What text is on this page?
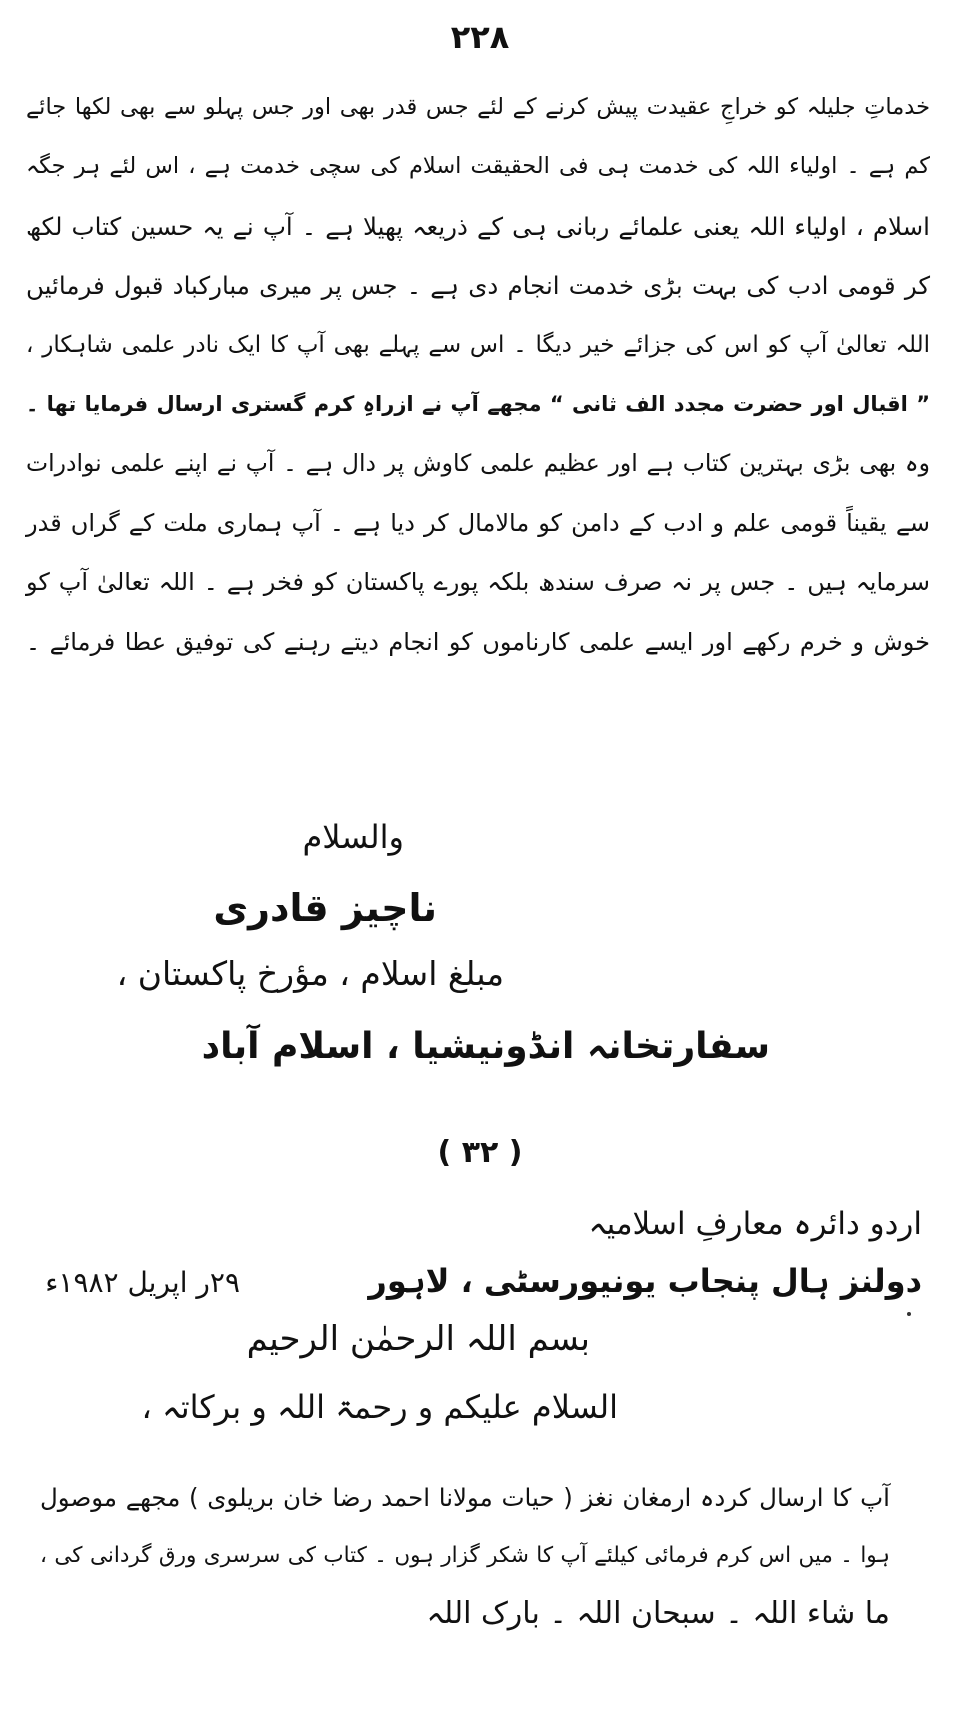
۲۲۸
خدماتِ جلیلہ کو خراجِ عقیدت پیش کرنے کے لئے جس قدر بھی اور جس پہلو سے بھی لکھا جائے
کم ہے ۔ اولیاء اللہ کی خدمت ہی فی الحقیقت اسلام کی سچی خدمت ہے ، اس لئے ہر جگہ
اسلام ، اولیاء اللہ یعنی علمائے ربانی ہی کے ذریعہ پھیلا ہے ۔ آپ نے یہ حسین کتاب لکھ
کر قومی ادب کی بہت بڑی خدمت انجام دی ہے ۔ جس پر میری مبارکباد قبول فرمائیں
اللہ تعالیٰ آپ کو اس کی جزائے خیر دیگا ۔ اس سے پہلے بھی آپ کا ایک نادر علمی شاہکار ،
” اقبال اور حضرت مجدد الف ثانی “ مجھے آپ نے ازراہِ کرم گستری ارسال فرمایا تھا ۔
وہ بھی بڑی بہترین کتاب ہے اور عظیم علمی کاوش پر دال ہے ۔ آپ نے اپنے علمی نوادرات
سے یقیناً قومی علم و ادب کے دامن کو مالامال کر دیا ہے ۔ آپ ہماری ملت کے گراں قدر
سرمایہ ہیں ۔ جس پر نہ صرف سندھ بلکہ پورے پاکستان کو فخر ہے ۔ اللہ تعالیٰ آپ کو
خوش و خرم رکھے اور ایسے علمی کارناموں کو انجام دیتے رہنے کی توفیق عطا فرمائے ۔
والسلام
ناچیز قادری
مبلغ اسلام ، مؤرخ پاکستان ،
سفارتخانہ انڈونیشیا ، اسلام آباد
( ۳۲ )
اردو دائرہ معارفِ اسلامیہ
دولنز ہال پنجاب یونیورسٹی ، لاہور
۲۹ر اپریل ۱۹۸۲ء
بسم اللہ الرحمٰن الرحیم
السلام علیکم و رحمۃ اللہ و برکاتہ ،
آپ کا ارسال کردہ ارمغان نغز ( حیات مولانا احمد رضا خان بریلوی ) مجھے موصول
ہوا ۔ میں اس کرم فرمائی کیلئے آپ کا شکر گزار ہوں ۔ کتاب کی سرسری ورق گردانی کی ،
ما شاء اللہ ۔ سبحان اللہ ۔ بارک اللہ
